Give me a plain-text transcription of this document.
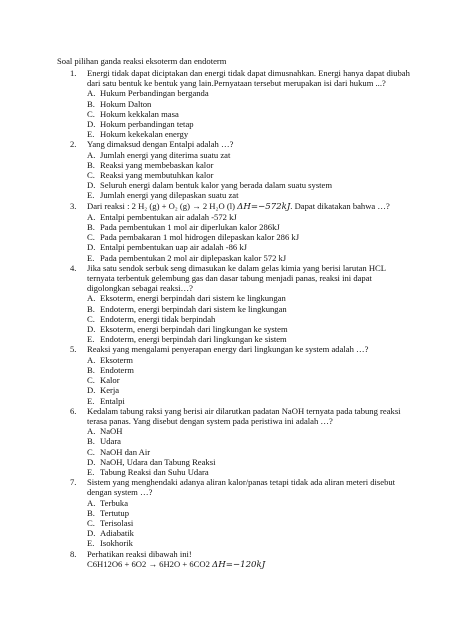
Soal pilihan ganda reaksi eksoterm dan endoterm
1. Energi tidak dapat diciptakan dan energi tidak dapat dimusnahkan. Energi hanya dapat diubah
dari satu bentuk ke bentuk yang lain.Pernyataan tersebut merupakan isi dari hukum ...?
A. Hukum Perbandingan berganda
B. Hokum Dalton
C. Hokum kekkalan masa
D. Hokum perbandingan tetap
E. Hokum kekekalan energy
2. Yang dimaksud dengan Entalpi adalah …?
A. Jumlah energi yang diterima suatu zat
B. Reaksi yang membebaskan kalor
C. Reaksi yang membutuhkan kalor
D. Seluruh energi dalam bentuk kalor yang berada dalam suatu system
E. Jumlah energi yang dilepaskan suatu zat
3. Dari reaksi : 2 H₂ (g) + O₂ (g) → 2 H₂O (l) ΔH=−572kJ. Dapat dikatakan bahwa …?
A. Entalpi pembentukan air adalah -572 kJ
B. Pada pembentukan 1 mol air diperlukan kalor 286kJ
C. Pada pembakaran 1 mol hidrogen dilepaskan kalor 286 kJ
D. Entalpi pembentukan uap air adalah -86 kJ
E. Pada pembentukan 2 mol air diplepaskan kalor 572 kJ
4. Jika satu sendok serbuk seng dimasukan ke dalam gelas kimia yang berisi larutan HCL
ternyata terbentuk gelembung gas dan dasar tabung menjadi panas, reaksi ini dapat
digolongkan sebagai reaksi…?
A. Eksoterm, energi berpindah dari sistem ke lingkungan
B. Endoterm, energi berpindah dari sistem ke lingkungan
C. Endoterm, energi tidak berpindah
D. Eksoterm, energi berpindah dari lingkungan ke system
E. Endoterm, energi berpindah dari lingkungan ke sistem
5. Reaksi yang mengalami penyerapan energy dari lingkungan ke system adalah …?
A. Eksoterm
B. Endoterm
C. Kalor
D. Kerja
E. Entalpi
6. Kedalam tabung raksi yang berisi air dilarutkan padatan NaOH ternyata pada tabung reaksi
terasa panas. Yang disebut dengan system pada peristiwa ini adalah …?
A. NaOH
B. Udara
C. NaOH dan Air
D. NaOH, Udara dan Tabung Reaksi
E. Tabung Reaksi dan Suhu Udara
7. Sistem yang menghendaki adanya aliran kalor/panas tetapi tidak ada aliran meteri disebut
dengan system …?
A. Terbuka
B. Tertutup
C. Terisolasi
D. Adiabatik
E. Isokhorik
8. Perhatikan reaksi dibawah ini!
C6H12O6 + 6O2 → 6H2O + 6CO2 ΔH=−120kJ
